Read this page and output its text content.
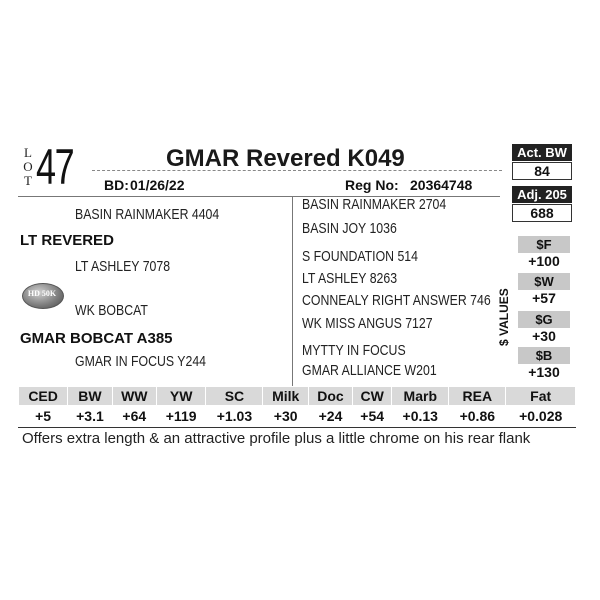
L
O
T 47	GMAR Revered K049
BD: 01/26/22	Reg No: 20364748
BASIN RAINMAKER 4404
LT REVERED
LT ASHLEY 7078
HD 50K
WK BOBCAT
GMAR BOBCAT A385
GMAR IN FOCUS Y244
BASIN RAINMAKER 2704
BASIN JOY 1036
S FOUNDATION 514
LT ASHLEY 8263
CONNEALY RIGHT ANSWER 746
WK MISS ANGUS 7127
MYTTY IN FOCUS
GMAR ALLIANCE W201
Act. BW
84
Adj. 205
688
$ VALUES
$F
+100
$W
+57
$G
+30
$B
+130
CED	BW	WW	YW	SC	Milk	Doc	CW	Marb	REA	Fat
+5	+3.1	+64	+119	+1.03	+30	+24	+54	+0.13	+0.86	+0.028
Offers extra length & an attractive profile plus a little chrome on his rear flank
